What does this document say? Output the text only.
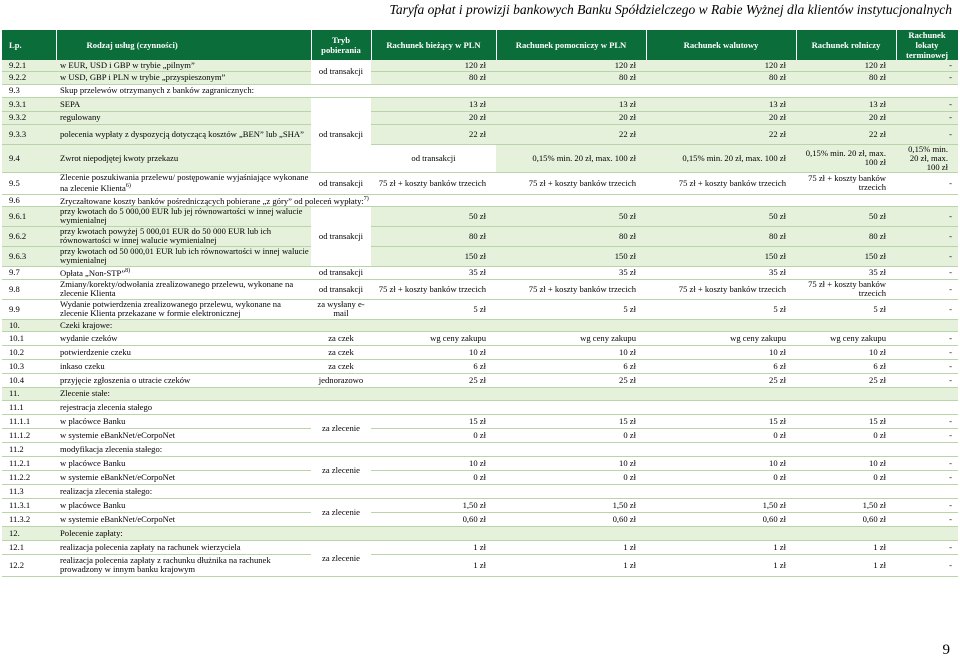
Taryfa opłat i prowizji bankowych Banku Spółdzielczego w Rabie Wyżnej dla klientów instytucjonalnych
Lp.	Rodzaj usług (czynności)	Tryb pobierania	Rachunek bieżący w PLN	Rachunek pomocniczy w PLN	Rachunek walutowy	Rachunek rolniczy	Rachunek lokaty terminowej	
9.2.1	w EUR, USD i GBP w trybie „pilnym”	od transakcji	120 zł	120 zł	120 zł	120 zł	-	
9.2.2	w USD, GBP i PLN w trybie „przyspieszonym”		80 zł	80 zł	80 zł	80 zł	-	
9.3	Skup przelewów otrzymanych z banków zagranicznych:							
9.3.1	SEPA	od transakcji	13 zł	13 zł	13 zł	13 zł	-	
9.3.2	regulowany		20 zł	20 zł	20 zł	20 zł	-	
9.3.3	polecenia wypłaty z dyspozycją dotyczącą kosztów „BEN” lub „SHA”		22 zł	22 zł	22 zł	22 zł	-	
9.4	Zwrot niepodjętej kwoty przekazu		od transakcji	0,15% min. 20 zł, max. 100 zł	0,15% min. 20 zł, max. 100 zł	0,15% min. 20 zł, max. 100 zł	0,15% min. 20 zł, max. 100 zł	
9.5	Zlecenie poszukiwania przelewu/ postępowanie wyjaśniające wykonane na zlecenie Klienta$^{6)}$	od transakcji	75 zł + koszty banków trzecich	75 zł + koszty banków trzecich	75 zł + koszty banków trzecich	75 zł + koszty banków trzecich	-	
9.6	Zryczałtowane koszty banków pośredniczących pobierane „z góry” od poleceń wypłaty:$^{7)}$
9.6.1	przy kwotach do 5 000,00 EUR lub jej równowartości w innej walucie wymienialnej	od transakcji	50 zł	50 zł	50 zł	50 zł	-	
9.6.2	przy kwotach powyżej 5 000,01 EUR do 50 000 EUR lub ich równowartości w innej walucie wymienialnej		80 zł	80 zł	80 zł	80 zł	-	
9.6.3	przy kwotach od 50 000,01 EUR lub ich równowartości w innej walucie wymienialnej		150 zł	150 zł	150 zł	150 zł	-	
9.7	Opłata „Non-STP”$^{8)}$	od transakcji	35 zł	35 zł	35 zł	35 zł	-	
9.8	Zmiany/korekty/odwołania zrealizowanego przelewu, wykonane na zlecenie Klienta	od transakcji	75 zł + koszty banków trzecich	75 zł + koszty banków trzecich	75 zł + koszty banków trzecich	75 zł + koszty banków trzecich	-	
9.9	Wydanie potwierdzenia zrealizowanego przelewu, wykonane na zlecenie Klienta przekazane w formie elektronicznej	za wysłany e-mail	5 zł	5 zł	5 zł	5 zł	-	
10.	Czeki krajowe:							
10.1	wydanie czeków	za czek	wg ceny zakupu	wg ceny zakupu	wg ceny zakupu	wg ceny zakupu	-	
10.2	potwierdzenie czeku	za czek	10 zł	10 zł	10 zł	10 zł	-	
10.3	inkaso czeku	za czek	6 zł	6 zł	6 zł	6 zł	-	
10.4	przyjęcie zgłoszenia o utracie czeków	jednorazowo	25 zł	25 zł	25 zł	25 zł	-	
11.	Zlecenie stałe:							
11.1	rejestracja zlecenia stałego							
11.1.1	w placówce Banku	za zlecenie	15 zł	15 zł	15 zł	15 zł	-	
11.1.2	w systemie eBankNet/eCorpoNet		0 zł	0 zł	0 zł	0 zł	-	
11.2	modyfikacja zlecenia stałego:							
11.2.1	w placówce Banku	za zlecenie	10 zł	10 zł	10 zł	10 zł	-	
11.2.2	w systemie eBankNet/eCorpoNet		0 zł	0 zł	0 zł	0 zł	-	
11.3	realizacja zlecenia stałego:							
11.3.1	w placówce Banku	za zlecenie	1,50 zł	1,50 zł	1,50 zł	1,50 zł	-	
11.3.2	w systemie eBankNet/eCorpoNet		0,60 zł	0,60 zł	0,60 zł	0,60 zł	-	
12.	Polecenie zapłaty:							
12.1	realizacja polecenia zapłaty na rachunek wierzyciela	za zlecenie	1 zł	1 zł	1 zł	1 zł	-	
12.2	realizacja polecenia zapłaty z rachunku dłużnika na rachunek prowadzony w innym banku krajowym		1 zł	1 zł	1 zł	1 zł	-	
9
